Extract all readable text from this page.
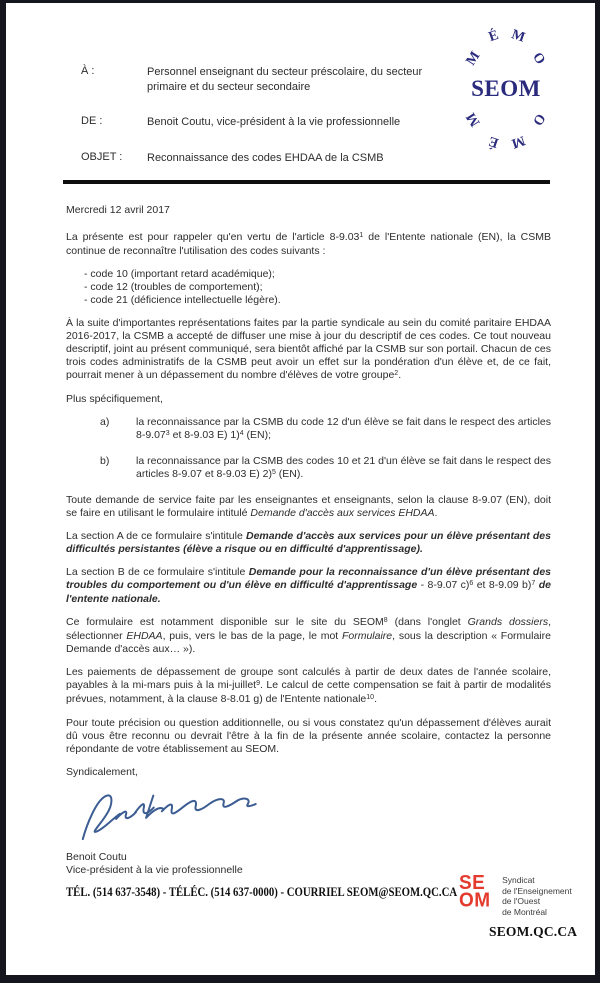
À :	Personnel enseignant du secteur préscolaire, du secteur primaire et du secteur secondaire
DE :	Benoit Coutu, vice-président à la vie professionnelle
OBJET :	Reconnaissance des codes EHDAA de la CSMB
SEOM
M
É M
O
M
É M
O

Mercredi 12 avril 2017

La présente est pour rappeler qu'en vertu de l'article 8-9.03$^1$ de l'Entente nationale (EN), la CSMB continue de reconnaître l'utilisation des codes suivants :

- code 10 (important retard académique);
- code 12 (troubles de comportement);
- code 21 (déficience intellectuelle légère).

À la suite d'importantes représentations faites par la partie syndicale au sein du comité paritaire EHDAA 2016-2017, la CSMB a accepté de diffuser une mise à jour du descriptif de ces codes. Ce tout nouveau descriptif, joint au présent communiqué, sera bientôt affiché par la CSMB sur son portail. Chacun de ces trois codes administratifs de la CSMB peut avoir un effet sur la pondération d'un élève et, de ce fait, pourrait mener à un dépassement du nombre d'élèves de votre groupe$^2$.

Plus spécifiquement,

a)	la reconnaissance par la CSMB du code 12 d'un élève se fait dans le respect des articles 8-9.07$^3$ et 8-9.03 E) 1)$^4$ (EN);
b)	la reconnaissance par la CSMB des codes 10 et 21 d'un élève se fait dans le respect des articles 8-9.07 et 8-9.03 E) 2)$^5$ (EN).

Toute demande de service faite par les enseignantes et enseignants, selon la clause 8-9.07 (EN), doit se faire en utilisant le formulaire intitulé Demande d'accès aux services EHDAA.

La section A de ce formulaire s'intitule Demande d'accès aux services pour un élève présentant des difficultés persistantes (élève a risque ou en difficulté d'apprentissage).

La section B de ce formulaire s'intitule Demande pour la reconnaissance d'un élève présentant des troubles du comportement ou d'un élève en difficulté d'apprentissage - 8-9.07 c)$^6$ et 8-9.09 b)$^7$ de l'entente nationale.

Ce formulaire est notamment disponible sur le site du SEOM$^8$ (dans l'onglet Grands dossiers, sélectionner EHDAA, puis, vers le bas de la page, le mot Formulaire, sous la description « Formulaire Demande d'accès aux… »).

Les paiements de dépassement de groupe sont calculés à partir de deux dates de l'année scolaire, payables à la mi-mars puis à la mi-juillet$^9$. Le calcul de cette compensation se fait à partir de modalités prévues, notamment, à la clause 8-8.01 g) de l'Entente nationale$^{10}$.

Pour toute précision ou question additionnelle, ou si vous constatez qu'un dépassement d'élèves aurait dû vous être reconnu ou devrait l'être à la fin de la présente année scolaire, contactez la personne répondante de votre établissement au SEOM.

Syndicalement,

Benoit Coutu
Vice-président à la vie professionnelle
TÉL. (514 637-3548) - TÉLÉC. (514 637-0000) - COURRIEL SEOM@SEOM.QC.CA SE
OM Syndicat
de l'Enseignement
de l'Ouest
de Montréal
SEOM.QC.CA
